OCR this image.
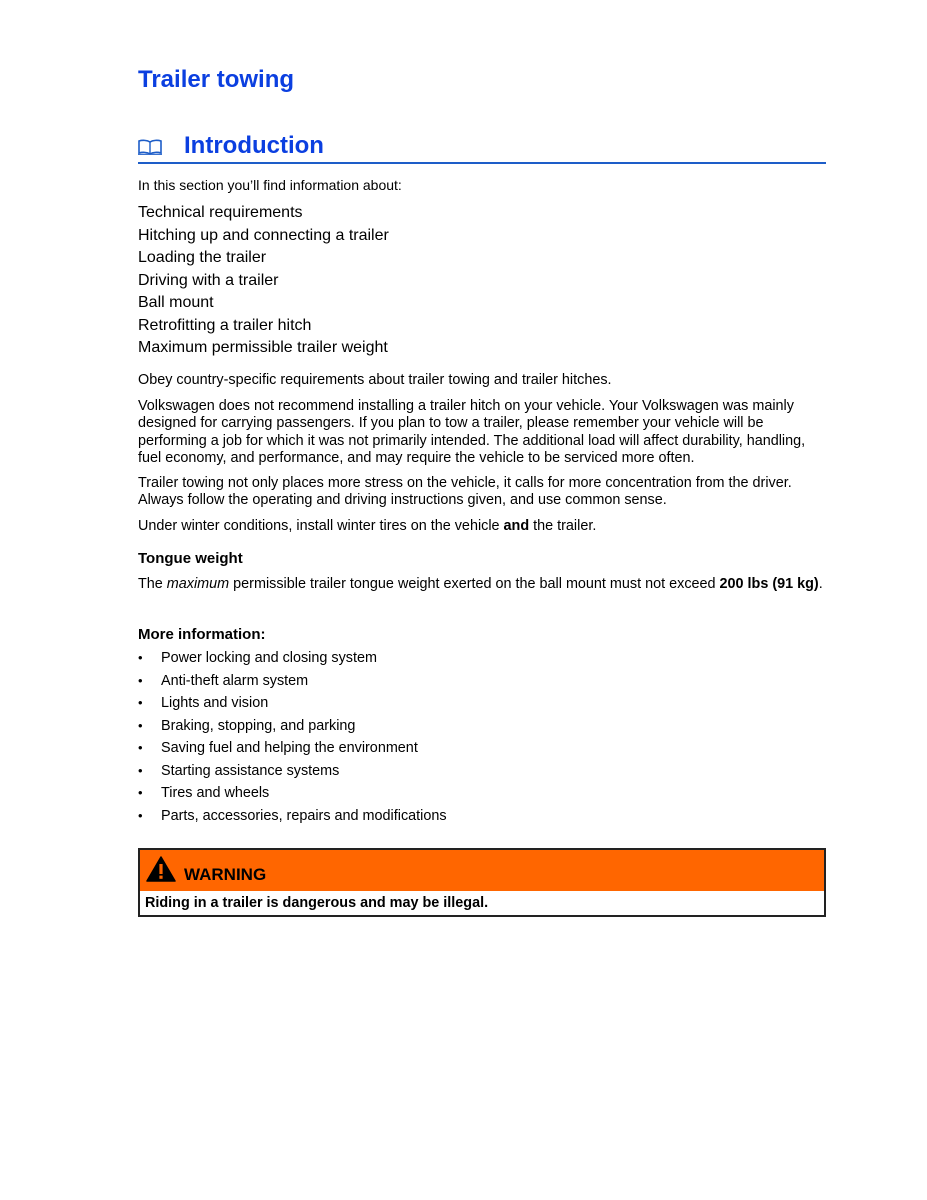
Trailer towing
Introduction
In this section you’ll find information about:
Technical requirements
Hitching up and connecting a trailer
Loading the trailer
Driving with a trailer
Ball mount
Retrofitting a trailer hitch
Maximum permissible trailer weight

Obey country-specific requirements about trailer towing and trailer hitches.

Volkswagen does not recommend installing a trailer hitch on your vehicle. Your Volkswagen was mainly designed for carrying passengers. If you plan to tow a trailer, please remember your vehicle will be performing a job for which it was not primarily intended. The additional load will affect durability, handling, fuel economy, and performance, and may require the vehicle to be serviced more often.

Trailer towing not only places more stress on the vehicle, it calls for more concentration from the driver. Always follow the operating and driving instructions given, and use common sense.

Under winter conditions, install winter tires on the vehicle and the trailer.

Tongue weight

The maximum permissible trailer tongue weight exerted on the ball mount must not exceed 200 lbs (91 kg).

More information:
• Power locking and closing system
• Anti-theft alarm system
• Lights and vision
• Braking, stopping, and parking
• Saving fuel and helping the environment
• Starting assistance systems
• Tires and wheels
• Parts, accessories, repairs and modifications
WARNING
Riding in a trailer is dangerous and may be illegal.
